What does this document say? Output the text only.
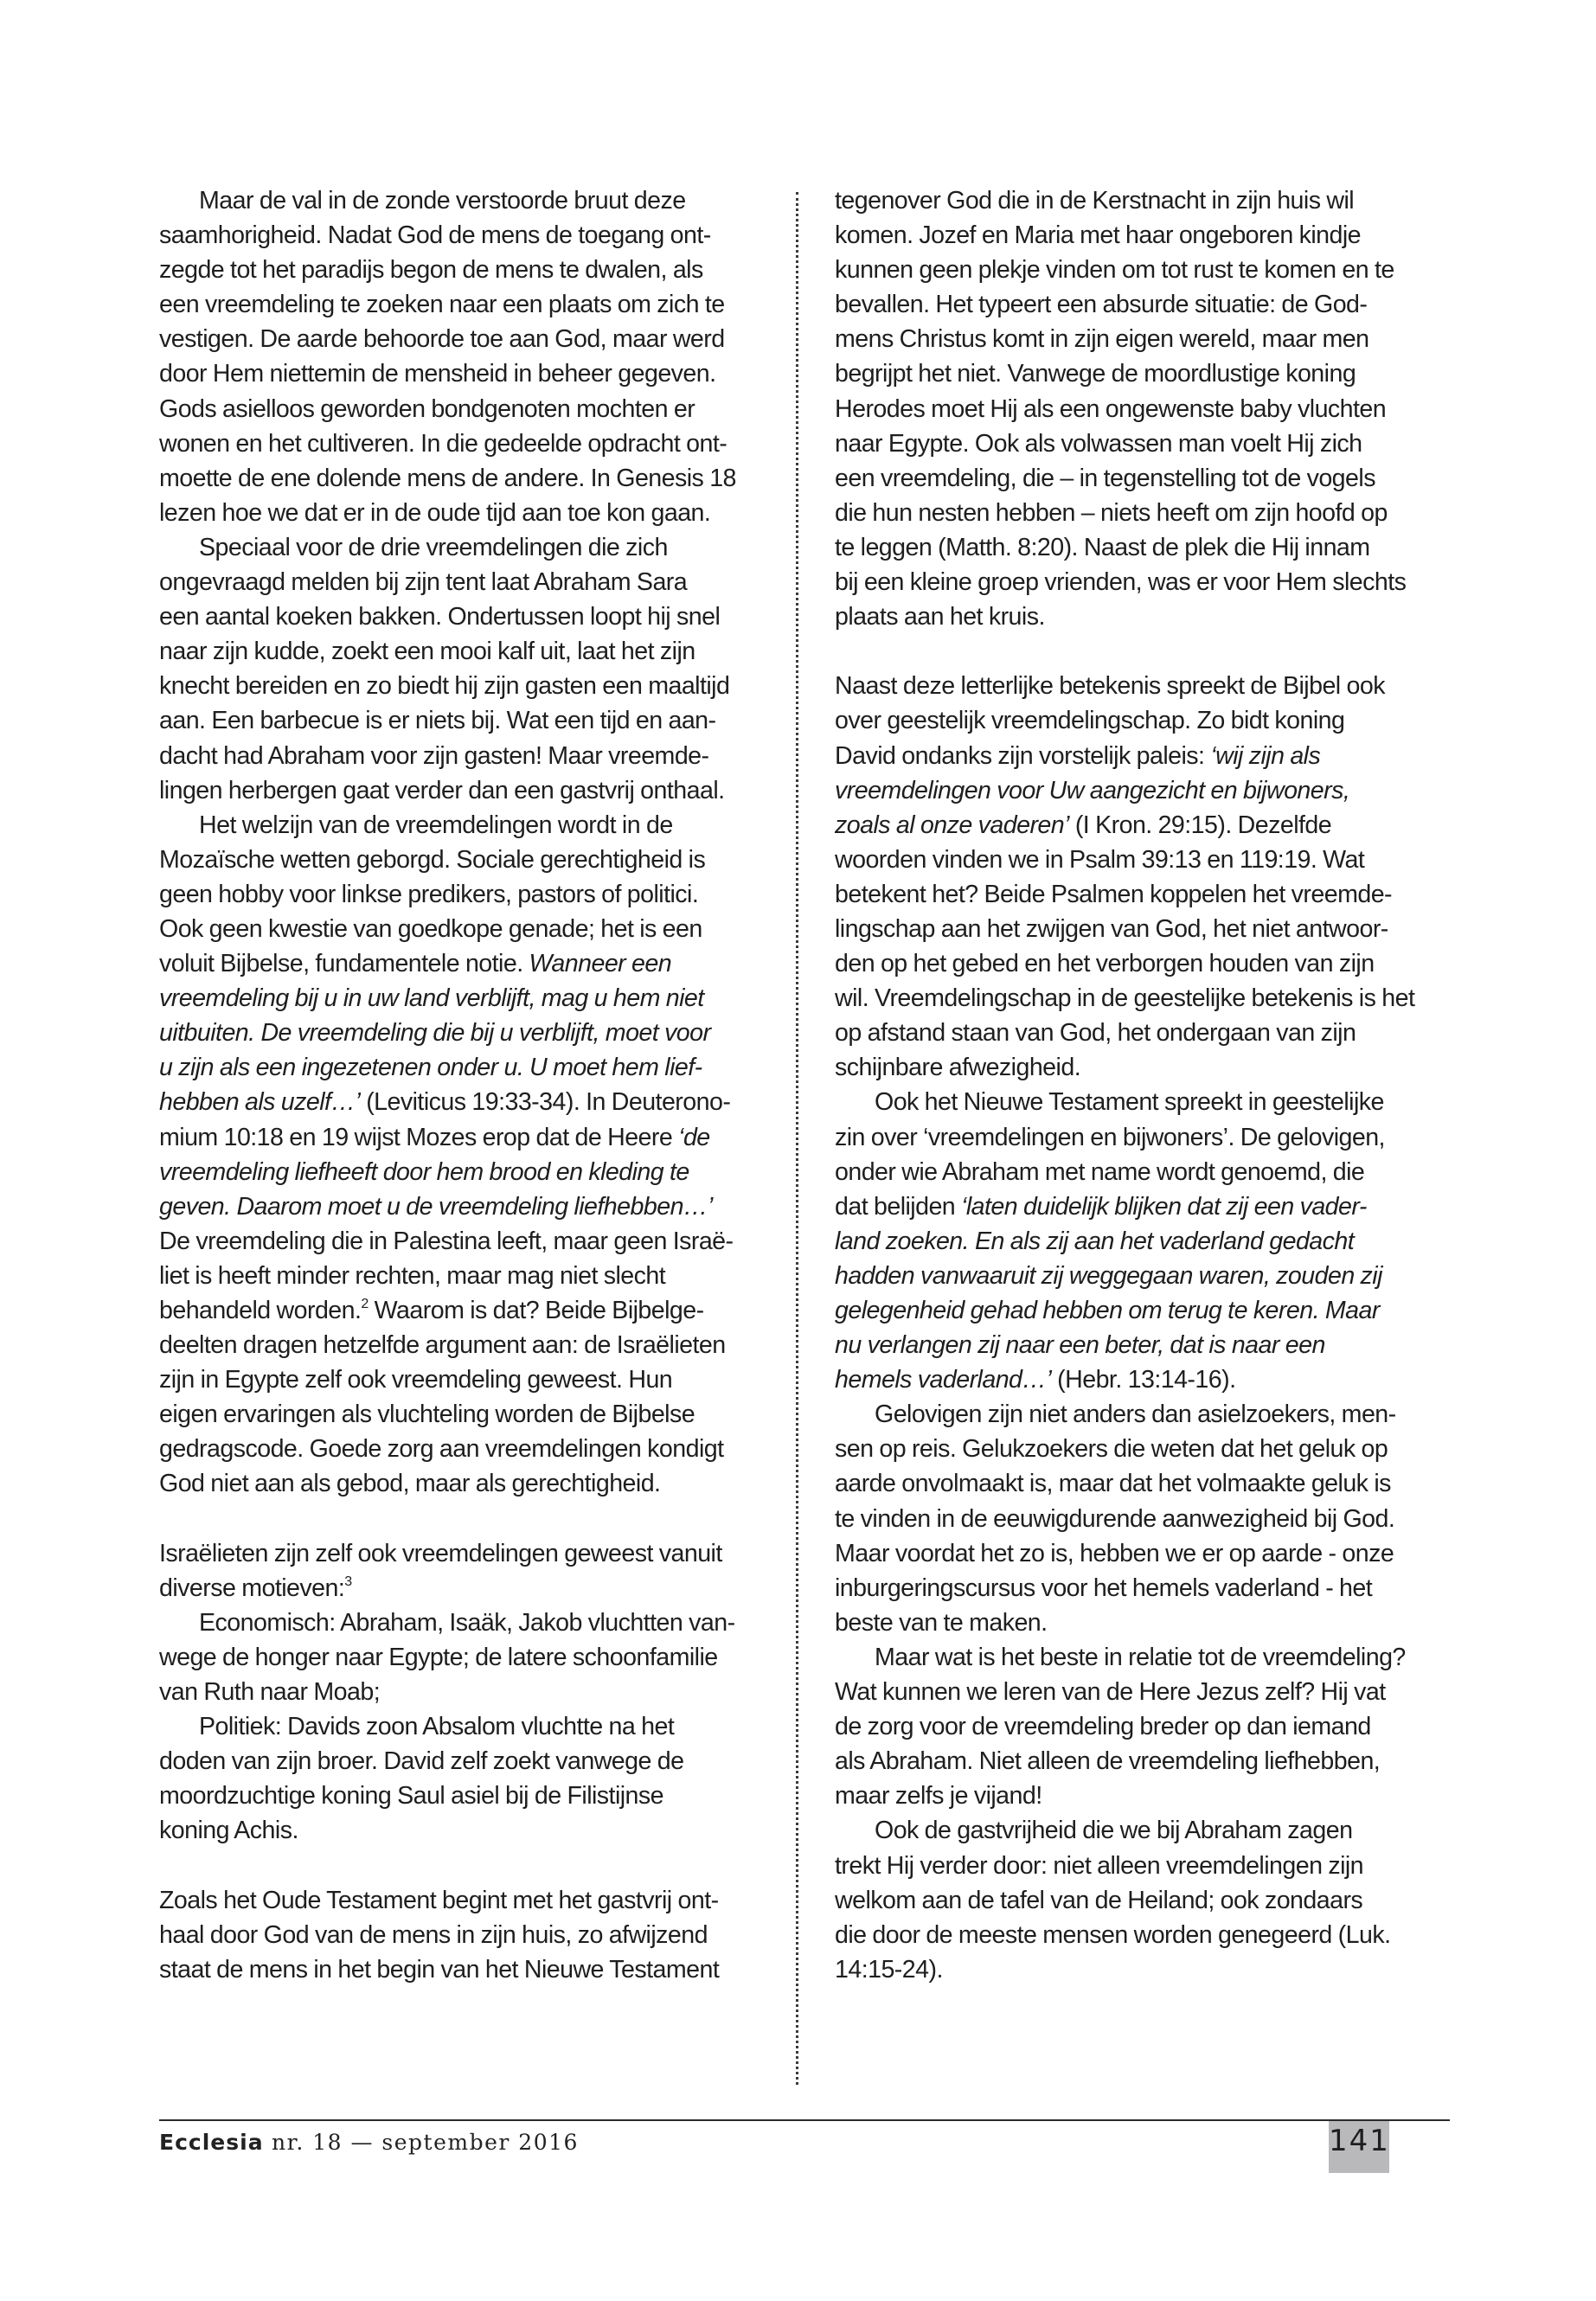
Maar de val in de zonde verstoorde bruut deze
saamhorigheid. Nadat God de mens de toegang ont-
zegde tot het paradijs begon de mens te dwalen, als
een vreemdeling te zoeken naar een plaats om zich te
vestigen. De aarde behoorde toe aan God, maar werd
door Hem niettemin de mensheid in beheer gegeven.
Gods asielloos geworden bondgenoten mochten er
wonen en het cultiveren. In die gedeelde opdracht ont-
moette de ene dolende mens de andere. In Genesis 18
lezen hoe we dat er in de oude tijd aan toe kon gaan.
Speciaal voor de drie vreemdelingen die zich
ongevraagd melden bij zijn tent laat Abraham Sara
een aantal koeken bakken. Ondertussen loopt hij snel
naar zijn kudde, zoekt een mooi kalf uit, laat het zijn
knecht bereiden en zo biedt hij zijn gasten een maaltijd
aan. Een barbecue is er niets bij. Wat een tijd en aan-
dacht had Abraham voor zijn gasten! Maar vreemde-
lingen herbergen gaat verder dan een gastvrij onthaal.
Het welzijn van de vreemdelingen wordt in de
Mozaïsche wetten geborgd. Sociale gerechtigheid is
geen hobby voor linkse predikers, pastors of politici.
Ook geen kwestie van goedkope genade; het is een
voluit Bijbelse, fundamentele notie. Wanneer een
vreemdeling bij u in uw land verblijft, mag u hem niet
uitbuiten. De vreemdeling die bij u verblijft, moet voor
u zijn als een ingezetenen onder u. U moet hem lief-
hebben als uzelf…’ (Leviticus 19:33-34). In Deuterono-
mium 10:18 en 19 wijst Mozes erop dat de Heere ‘de
vreemdeling liefheeft door hem brood en kleding te
geven. Daarom moet u de vreemdeling liefhebben…’
De vreemdeling die in Palestina leeft, maar geen Israë-
liet is heeft minder rechten, maar mag niet slecht
behandeld worden.$^2$ Waarom is dat? Beide Bijbelge-
deelten dragen hetzelfde argument aan: de Israëlieten
zijn in Egypte zelf ook vreemdeling geweest. Hun
eigen ervaringen als vluchteling worden de Bijbelse
gedragscode. Goede zorg aan vreemdelingen kondigt
God niet aan als gebod, maar als gerechtigheid.
Israëlieten zijn zelf ook vreemdelingen geweest vanuit
diverse motieven:$^3$
Economisch: Abraham, Isaäk, Jakob vluchtten van-
wege de honger naar Egypte; de latere schoonfamilie
van Ruth naar Moab;
Politiek: Davids zoon Absalom vluchtte na het
doden van zijn broer. David zelf zoekt vanwege de
moordzuchtige koning Saul asiel bij de Filistijnse
koning Achis.
Zoals het Oude Testament begint met het gastvrij ont-
haal door God van de mens in zijn huis, zo afwijzend
staat de mens in het begin van het Nieuwe Testament
tegenover God die in de Kerstnacht in zijn huis wil
komen. Jozef en Maria met haar ongeboren kindje
kunnen geen plekje vinden om tot rust te komen en te
bevallen. Het typeert een absurde situatie: de God-
mens Christus komt in zijn eigen wereld, maar men
begrijpt het niet. Vanwege de moordlustige koning
Herodes moet Hij als een ongewenste baby vluchten
naar Egypte. Ook als volwassen man voelt Hij zich
een vreemdeling, die – in tegenstelling tot de vogels
die hun nesten hebben – niets heeft om zijn hoofd op
te leggen (Matth. 8:20). Naast de plek die Hij innam
bij een kleine groep vrienden, was er voor Hem slechts
plaats aan het kruis.
Naast deze letterlijke betekenis spreekt de Bijbel ook
over geestelijk vreemdelingschap. Zo bidt koning
David ondanks zijn vorstelijk paleis: ‘wij zijn als
vreemdelingen voor Uw aangezicht en bijwoners,
zoals al onze vaderen’ (I Kron. 29:15). Dezelfde
woorden vinden we in Psalm 39:13 en 119:19. Wat
betekent het? Beide Psalmen koppelen het vreemde-
lingschap aan het zwijgen van God, het niet antwoor-
den op het gebed en het verborgen houden van zijn
wil. Vreemdelingschap in de geestelijke betekenis is het
op afstand staan van God, het ondergaan van zijn
schijnbare afwezigheid.
Ook het Nieuwe Testament spreekt in geestelijke
zin over ‘vreemdelingen en bijwoners’. De gelovigen,
onder wie Abraham met name wordt genoemd, die
dat belijden ‘laten duidelijk blijken dat zij een vader-
land zoeken. En als zij aan het vaderland gedacht
hadden vanwaaruit zij weggegaan waren, zouden zij
gelegenheid gehad hebben om terug te keren. Maar
nu verlangen zij naar een beter, dat is naar een
hemels vaderland…’ (Hebr. 13:14-16).
Gelovigen zijn niet anders dan asielzoekers, men-
sen op reis. Gelukzoekers die weten dat het geluk op
aarde onvolmaakt is, maar dat het volmaakte geluk is
te vinden in de eeuwigdurende aanwezigheid bij God.
Maar voordat het zo is, hebben we er op aarde - onze
inburgeringscursus voor het hemels vaderland - het
beste van te maken.
Maar wat is het beste in relatie tot de vreemdeling?
Wat kunnen we leren van de Here Jezus zelf? Hij vat
de zorg voor de vreemdeling breder op dan iemand
als Abraham. Niet alleen de vreemdeling liefhebben,
maar zelfs je vijand!
Ook de gastvrijheid die we bij Abraham zagen
trekt Hij verder door: niet alleen vreemdelingen zijn
welkom aan de tafel van de Heiland; ook zondaars
die door de meeste mensen worden genegeerd (Luk.
14:15-24).
Ecclesia nr. 18 — september 2016	141
